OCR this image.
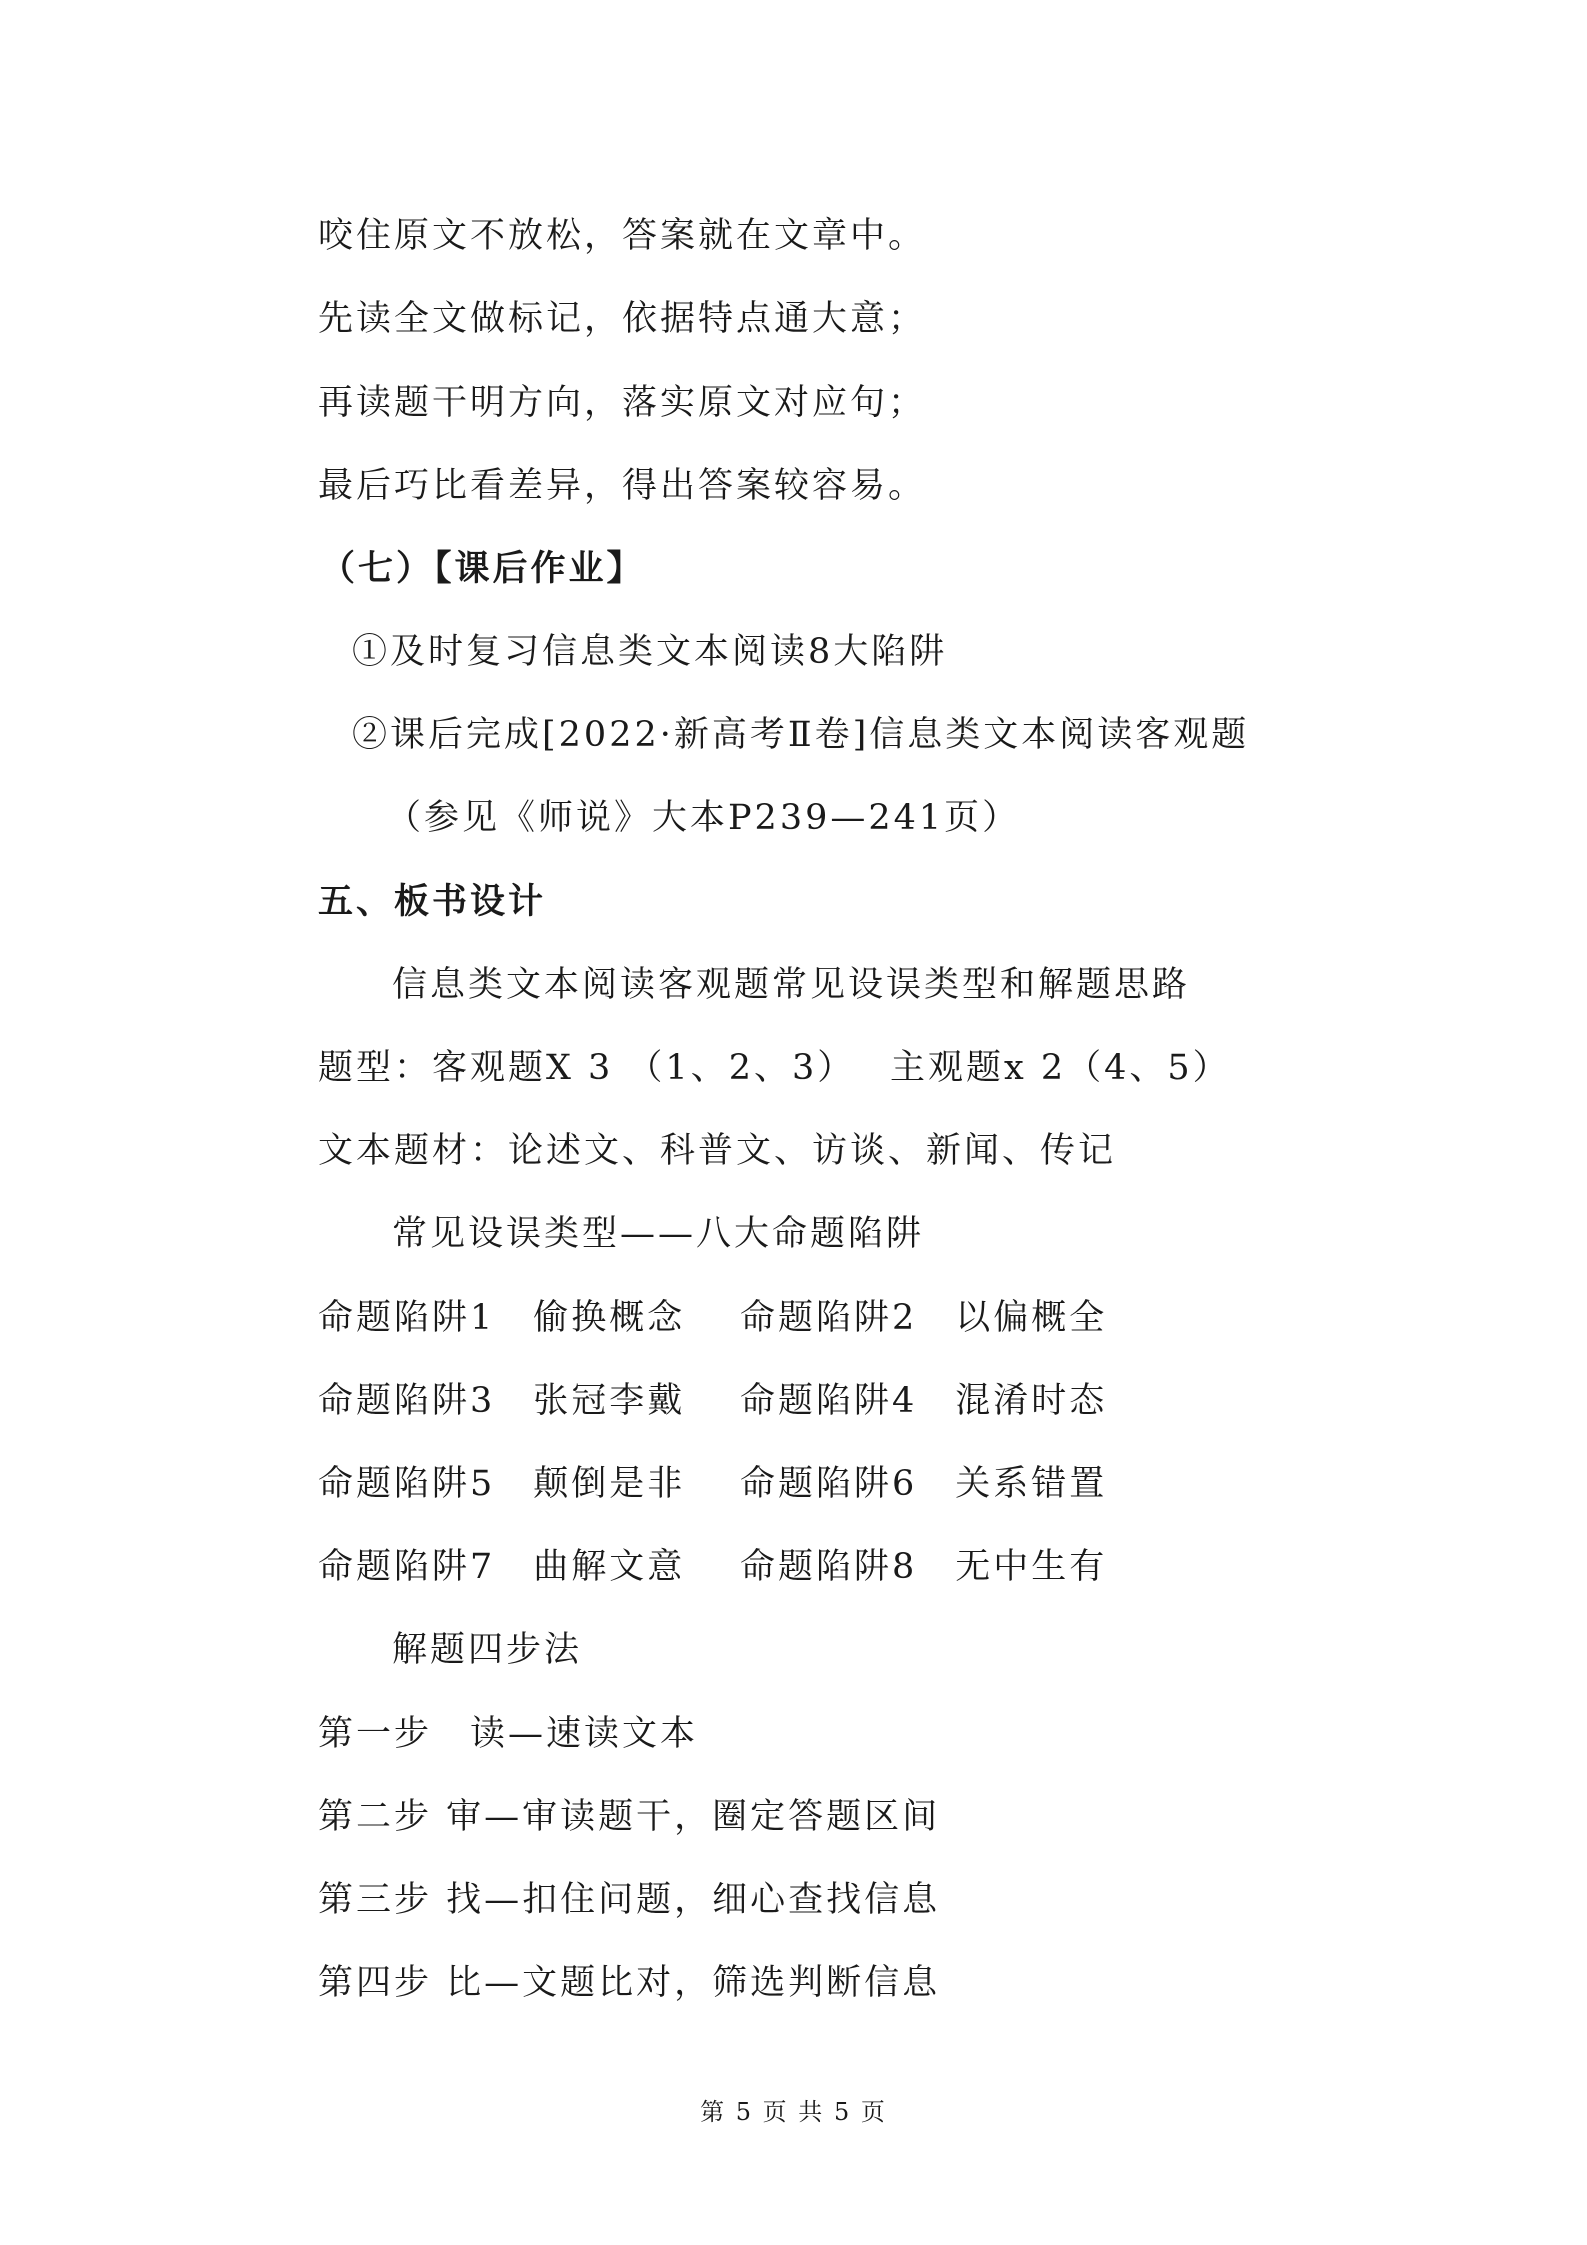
咬住原文不放松，答案就在文章中。
先读全文做标记，依据特点通大意；
再读题干明方向，落实原文对应句；
最后巧比看差异，得出答案较容易。
（七）【课后作业】
①及时复习信息类文本阅读8大陷阱
②课后完成[2022·新高考Ⅱ卷]信息类文本阅读客观题
（参见《师说》大本P239—241页）
五、板书设计
信息类文本阅读客观题常见设误类型和解题思路
题型：客观题X 3 （1、2、3） 主观题x 2（4、5）
文本题材：论述文、科普文、访谈、新闻、传记
常见设误类型——八大命题陷阱
命题陷阱1　偷换概念 命题陷阱2　以偏概全
命题陷阱3　张冠李戴 命题陷阱4　混淆时态
命题陷阱5　颠倒是非 命题陷阱6　关系错置
命题陷阱7　曲解文意 命题陷阱8　无中生有
解题四步法
第一步　读—速读文本
第二步 审—审读题干，圈定答题区间
第三步 找—扣住问题，细心查找信息
第四步 比—文题比对，筛选判断信息
第 5 页 共 5 页
